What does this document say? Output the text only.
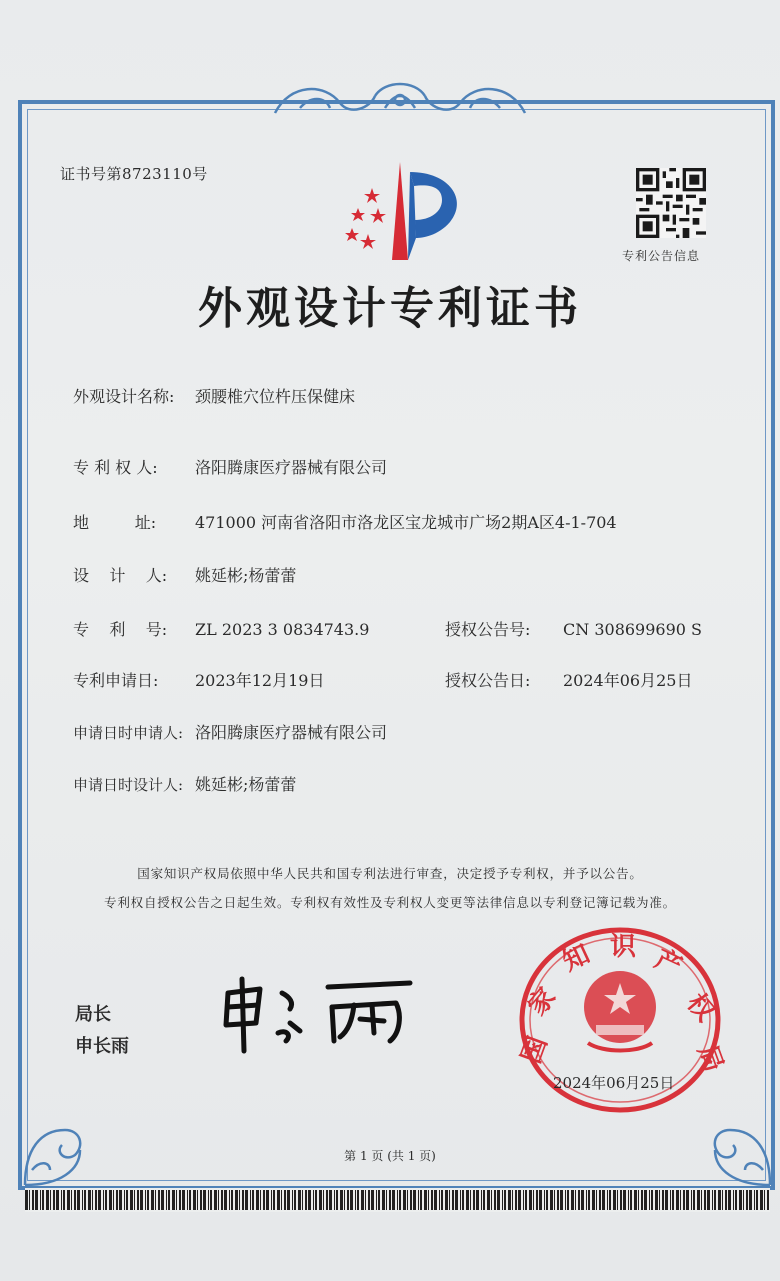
证书号第8723110号
专利公告信息
外观设计专利证书
外观设计名称: 颈腰椎穴位杵压保健床
专 利 权 人: 洛阳腾康医疗器械有限公司
地         址: 471000 河南省洛阳市洛龙区宝龙城市广场2期A区4-1-704
设    计    人: 姚延彬;杨蕾蕾
专    利    号: ZL 2023 3 0834743.9	授权公告号: CN 308699690 S
专利申请日: 2023年12月19日	授权公告日: 2024年06月25日
申请日时申请人: 洛阳腾康医疗器械有限公司
申请日时设计人: 姚延彬;杨蕾蕾
国家知识产权局依照中华人民共和国专利法进行审查，决定授予专利权，并予以公告。
专利权自授权公告之日起生效。专利权有效性及专利权人变更等法律信息以专利登记簿记载为准。
局长
申长雨	国
家
知 识 产
权
局
2024年06月25日
第 1 页 (共 1 页)
